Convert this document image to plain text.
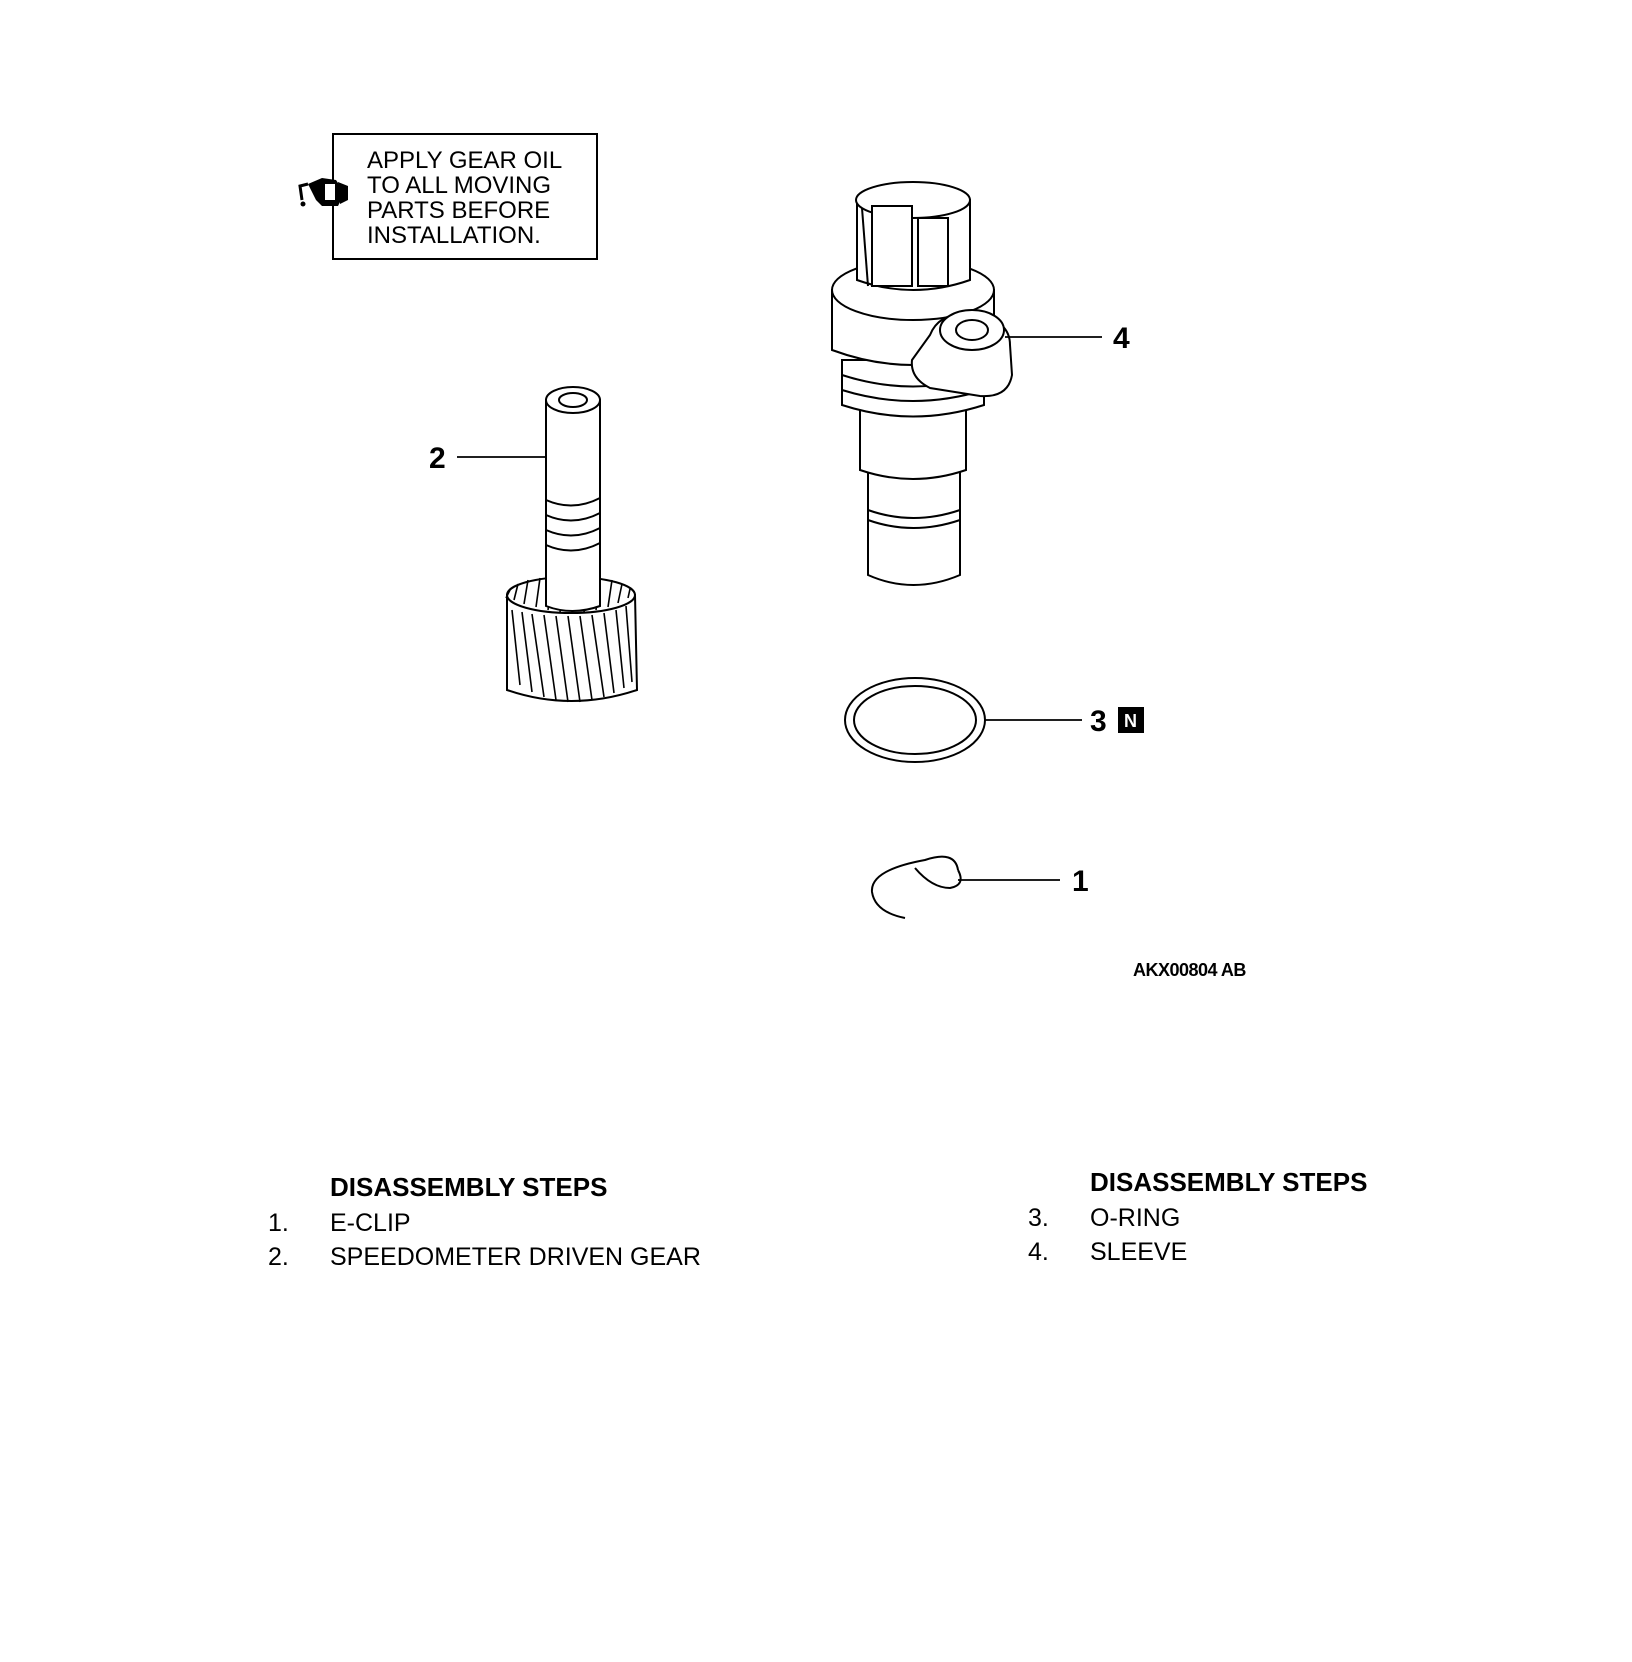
APPLY GEAR OIL
TO ALL MOVING
PARTS BEFORE
INSTALLATION.
2
4
3
1
N
AKX00804 AB
DISASSEMBLY STEPS
1.	E-CLIP
2.	SPEEDOMETER DRIVEN GEAR
DISASSEMBLY STEPS
3.	O-RING
4.	SLEEVE
